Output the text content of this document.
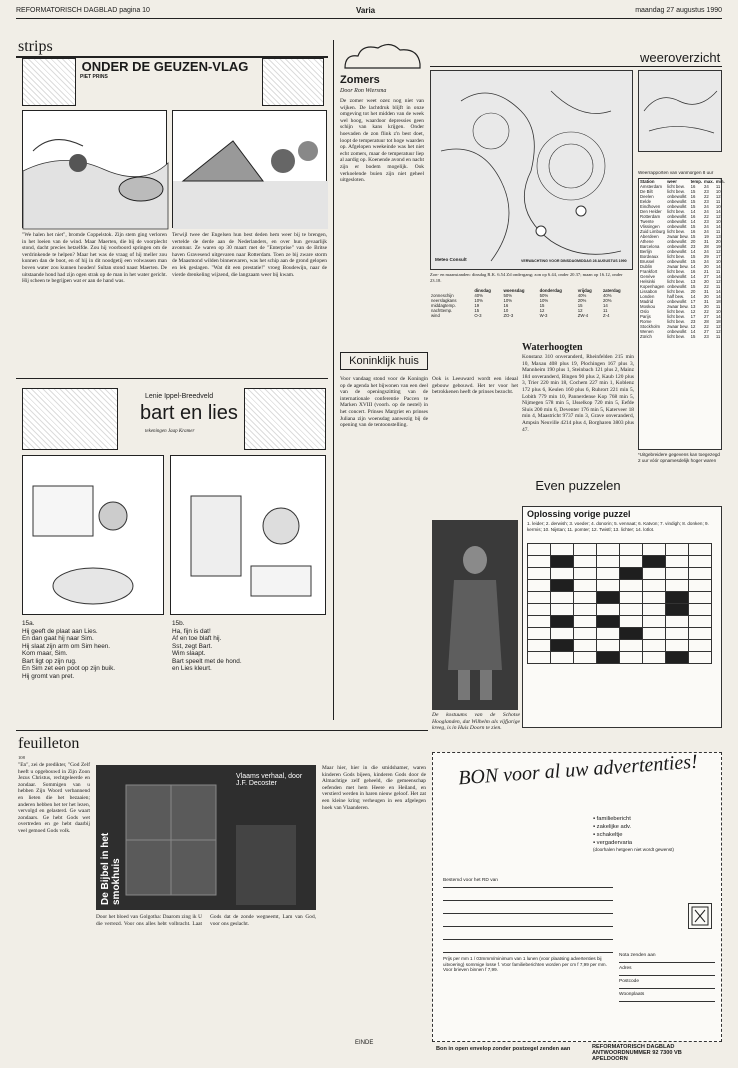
REFORMATORISCH DAGBLAD pagina 10	Varia	maandag 27 augustus 1990
strips
ONDER DE GEUZEN-VLAG
PIET PRINS
"We halen het niet", bromde Coppelstok. Zijn stem ging verloren in het loeien van de wind. Maar Maerten, die bij de voorplecht stond, dacht precies hetzelfde. Zou hij voorboord springen om de verdrinkende te helpen? Maar het was de vraag of hij meller zou kunnen dan de boot, en of hij in dit noodgetij een volwassen man boven water zou kunnen houden! Sultan stond naast Maerten. De uitstaande hond had zijn ogen strak op de man in het water gericht. Hij scheen te begrijpen wat er aan de hand was.
Terwijl twee der Engelsen hun best deden hem weer bij te brengen, vertelde de derde aan de Nederlanders, en over hun gevaarlijk avontuur. Ze waren op 30 maart met de "Enterprise" van de Britse haven Gravesend uitgevaren naar Rotterdam. Toen ze bij zware storm de Maasmond wilden binnenvaren, was het schip aan de grond gelopen en lek geslagen. "Wat dit een prestatie!" vroeg Boudewijn, naar de vierde drenkeling wijzend, die langzaam weer bij kwam.
Lenie Ippel-Breedveld
bart en lies
tekeningen Jaap Kramer
15a.
Hij geeft de plaat aan Lies.
En dan gaat hij naar Sim.
Hij slaat zijn arm om Sim heen.
Kom maar, Sim.
Bart ligt op zijn rug.
En Sim zet een poot op zijn buik.
Hij gromt van pret.
15b.
Ha, fijn is dat!
Af en toe blaft hij.
Sst, zegt Bart.
Wim slaapt.
Bart speelt met de hond.
en Lies kleurt.
Zomers
Door Ron Wiersma
De zomer weet ozez nog niet van wijken. De lachtdruk blijft in onze omgeving tot het midden van de week wel hoog, waardoor depressies geen schijn van kans krijgen. Onder hoevaden de zon flink z'n best doet, loopt de temperatuur tot hoge waarden op. Afgelopen weekeinde was het niet echt zomers, maar de temperatuur liep al aardig op. Koenende avond en nacht zijn er bodem mogelijk. Ook verkoelende buien zijn niet geheel uitgesloten.
weeroverzicht
Meteo Consult	VERWACHTING VOOR DINSDAGMIDDAG 28 AUGUSTUS 1990
Weerrapporten van vanmorgen 8 uur
Zon- en maanstanden: dinsdag R.K. 6.54 Zd ondergang; zon op 6.44, onder 20.37; maan op 16.12, onder 23.18.
	dinsdag	woensdag	donderdag	vrijdag	zaterdag
zonneschijn	40%	50%	50%	40%	40%
neerslagkans	10%	10%	10%	20%	20%
middagtemp.	19	16	15	15	14
nachttemp.	15	10	12	12	11
wind	O-3	ZO-3	W-3	ZW-4	Z-4
Station	weer	temp.	max.	min.
Amsterdam	licht bew.	16	24	11
De Bilt	licht bew.	15	23	10
Deelen	onbewolkt	16	22	12
Eelde	onbewolkt	15	23	11
Eindhoven	onbewolkt	15	24	10
Den Helder	licht bew.	14	24	14
Rotterdam	onbewolkt	16	22	12
Twente	onbewolkt	14	23	10
Vlissingen	onbewolkt	15	24	14
Zuid Limburg	licht bew.	16	24	11
Aberdeen	zwaar bew.	15	19	13
Athene	onbewolkt	20	31	20
Barcelona	onbewolkt	23	28	19
Berlijn	onbewolkt	14	24	12
Bordeaux	licht bew.	15	29	17
Brussel	onbewolkt	15	24	10
Dublin	zwaar bew.	14	20	14
Frankfort	licht bew.	16	21	11
Genève	onbewolkt	14	27	14
Helsinki	licht bew.	13	20	12
Kopenhagen	onbewolkt	15	22	11
Lissabon	licht bew.	20	31	14
Londen	half bew.	14	20	14
Madrid	onbewolkt	17	31	18
Moskou	zwaar bew.	13	20	11
Oslo	licht bew.	12	22	10
Parijs	licht bew.	17	27	14
Rome	licht bew.	23	28	18
Stockholm	zwaar bew.	12	22	12
Wenen	onbewolkt	14	27	12
Zürich	licht bew.	15	23	11
*Uitgebreidere gegevens kan toegezegd 2 uur vóór opnamesdelijk hoger waren
Koninklijk huis
Voor vandaag stond voor de Koningin op de agenda het bijwonen van een deel van de openingszitting van de internationale conferentie Paccen te Marken XVIII (voorh. op de nestel) in het concert. Prinses Margriet en prinses Juliana zijn woensdag aanwezig bij de opening van de tentoonstelling.
Ook is Leeuward wordt een ideaal gebouw gebouwd. Het ter voor het betrokkenen heeft de prinses bezocht.
Waterhoogten
Konstanz 310 onveranderd, Rheinfelden 215 min 10, Maxau 408 plus 19, Plochingen 167 plus 3, Mannheim 190 plus 1, Steinbach 121 plus 2, Mainz 184 onveranderd, Bingen 90 plus 2, Kaub 120 plus 3, Trier 220 min 18, Cochem 227 min 1, Koblenz 172 plus 6, Keulen 160 plus 6, Ruhrort 221 min 5, Lobith 779 min 10, Pannerdense Kop 768 min 5, Nijmegen 578 min 5, IJsselkop 720 min 5, Eefde Sluis 200 min 6, Deventer 176 min 5, Katerveer 18 min 4, Maastricht 9737 min 3, Grave onveranderd, Ampsin Neuville 4214 plus 4, Borgharen 3803 plus 47.
Even puzzelen
Oplossing vorige puzzel
1. leider; 2. derwish; 3. voeder; 4. donorin; 5. vennaat; 6. Katvon; 7. vindigh; 8. donken; 9. kermis; 10. Nijstan; 11. pomter; 12. Twistl; 13. lichter; 14. lotlot.

De kostuums van de Schotse Hooglanden, dat Wilhelm als vijfjarige kreeg, is in Huis Doorn te zien.
feuilleton
108
"En", zei de predikter, "God Zelf heeft u opgebouwd in Zijn Zoon Jezus Christus, rechtgeleerde en zondaar. Sommigen van u hebben Zijn Woord verbannend en lieten die het bezaaien; anderen hebben het ter het lezen, vervolgd en gelasterd. Ge waart zondaars. Ge hebt Gods wet overtreden en ge hebt daarbij veel gemoed Gods volk.
De Bijbel in het smokhuis
Vlaams verhaal, door J.F. Decoster
Door het bloed van Golgotha: Daarom zing ik U die verrezd. Voor ons alles hebt volbracht. Laat Gods dat de zonde wegneemt, Lam van God, voor ons geslacht.
Maar hier, hier in die smidshamer, waren kinderen Gods bijeen, kinderen Gods door de Almachtige zelf geheeld, die gemeenschap oefenden met hem Heere en Heiland, en verstierd werden in haren nieuw geloof. Het zat een kleine kring verheugen in een afgelegen hoek van Vlaanderen.
EINDE
BON voor al uw advertenties!
▪ familiebericht
▪ zakelijke adv.
▪ schakeltje
▪ vergadervaria
(doorhalen hetgeen niet wordt gewenst)
Bestemd voor het RD van
Prijs per mm 1 / 03mmm/minimum van 1 lunen (voor plaatsing advertenties bij uitvoering) sommige losse f. Voor familieberichten worden per cm f 7,99 per mm. Voor brieven binnen f 7,99.
Nota zenden aan
Adres
Postcode
Woonplaats
Bon in open envelop zonder postzegel zenden aan	REFORMATORISCH DAGBLAD ANTWOORDNUMMER 92 7300 VB APELDOORN
